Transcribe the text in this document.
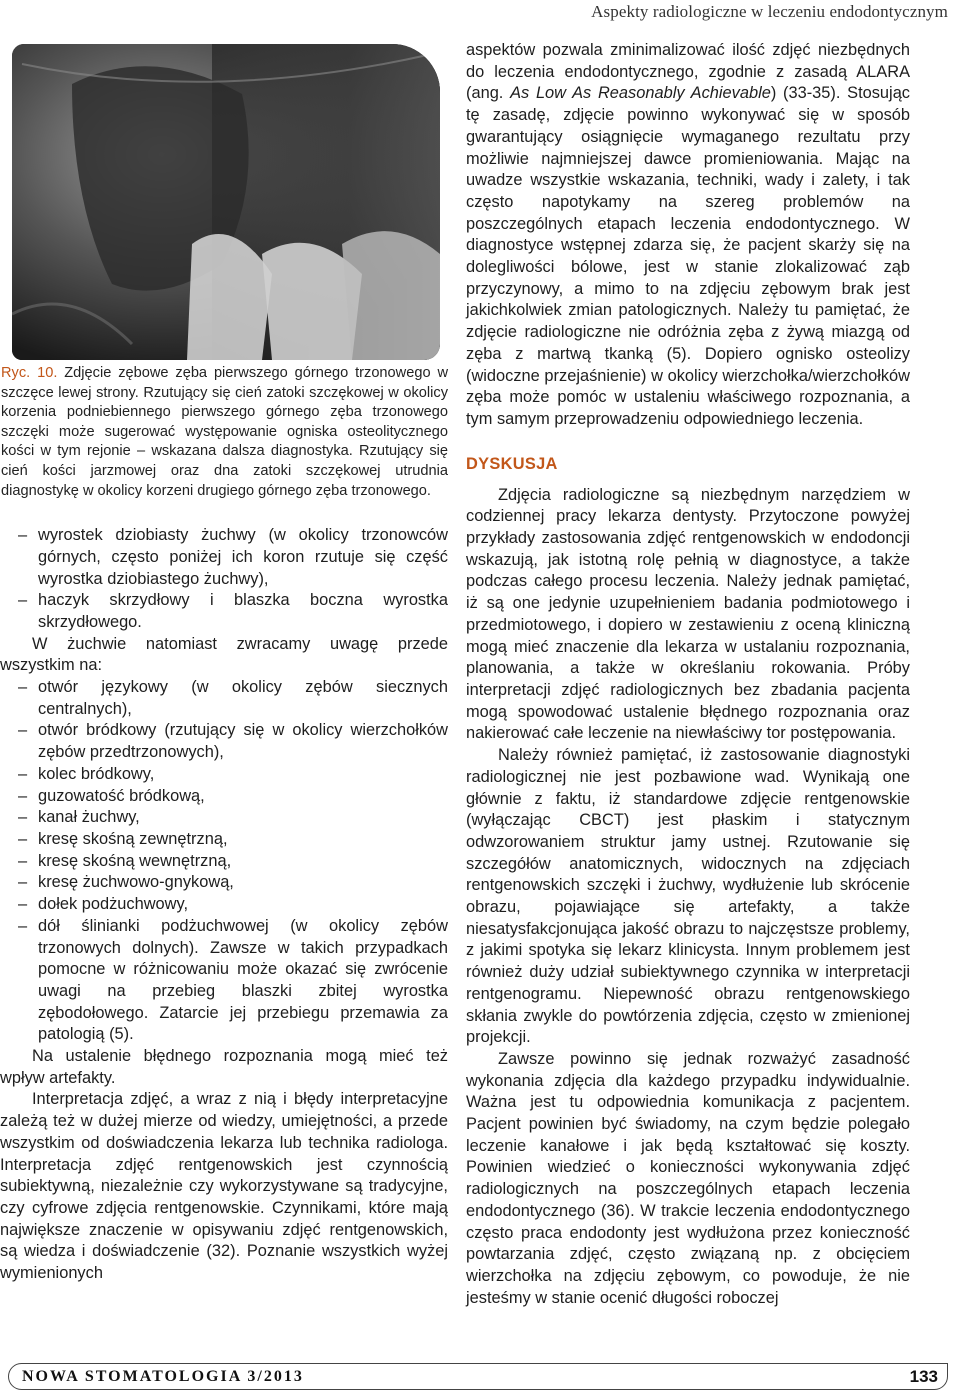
Aspekty radiologiczne w leczeniu endodontycznym

Ryc. 10. Zdjęcie zębowe zęba pierwszego górnego trzonowego w szczęce lewej strony. Rzutujący się cień zatoki szczękowej w okolicy korzenia podniebiennego pierwszego górnego zęba trzonowego szczęki może sugerować występowanie ogniska osteolitycznego kości w tym rejonie – wskazana dalsza diagnostyka. Rzutujący się cień kości jarzmowej oraz dna zatoki szczękowej utrudnia diagnostykę w okolicy korzeni drugiego górnego zęba trzonowego.

– wyrostek dziobiasty żuchwy (w okolicy trzonowców górnych, często poniżej ich koron rzutuje się część wyrostka dziobiastego żuchwy),
– haczyk skrzydłowy i blaszka boczna wyrostka skrzydłowego.

W żuchwie natomiast zwracamy uwagę przede wszystkim na:

– otwór językowy (w okolicy zębów siecznych centralnych),
– otwór bródkowy (rzutujący się w okolicy wierzchołków zębów przedtrzonowych),
– kolec bródkowy,
– guzowatość bródkową,
– kanał żuchwy,
– kresę skośną zewnętrzną,
– kresę skośną wewnętrzną,
– kresę żuchwowo-gnykową,
– dołek podżuchwowy,
– dół ślinianki podżuchwowej (w okolicy zębów trzonowych dolnych). Zawsze w takich przypadkach pomocne w różnicowaniu może okazać się zwrócenie uwagi na przebieg blaszki zbitej wyrostka zębodołowego. Zatarcie jej przebiegu przemawia za patologią (5).

Na ustalenie błędnego rozpoznania mogą mieć też wpływ artefakty.

Interpretacja zdjęć, a wraz z nią i błędy interpretacyjne zależą też w dużej mierze od wiedzy, umiejętności, a przede wszystkim od doświadczenia lekarza lub technika radiologa. Interpretacja zdjęć rentgenowskich jest czynnością subiektywną, niezależnie czy wykorzystywane są tradycyjne, czy cyfrowe zdjęcia rentgenowskie. Czynnikami, które mają największe znaczenie w opisywaniu zdjęć rentgenowskich, są wiedza i doświadczenie (32). Poznanie wszystkich wyżej wymienionych

aspektów pozwala zminimalizować ilość zdjęć niezbędnych do leczenia endodontycznego, zgodnie z zasadą ALARA (ang. As Low As Reasonably Achievable) (33-35). Stosując tę zasadę, zdjęcie powinno wykonywać się w sposób gwarantujący osiągnięcie wymaganego rezultatu przy możliwie najmniejszej dawce promieniowania. Mając na uwadze wszystkie wskazania, techniki, wady i zalety, i tak często napotykamy na szereg problemów na poszczególnych etapach leczenia endodontycznego. W diagnostyce wstępnej zdarza się, że pacjent skarży się na dolegliwości bólowe, jest w stanie zlokalizować ząb przyczynowy, a mimo to na zdjęciu zębowym brak jest jakichkolwiek zmian patologicznych. Należy tu pamiętać, że zdjęcie radiologiczne nie odróżnia zęba z żywą miazgą od zęba z martwą tkanką (5). Dopiero ognisko osteolizy (widoczne przejaśnienie) w okolicy wierzchołka/wierzchołków zęba może pomóc w ustaleniu właściwego rozpoznania, a tym samym przeprowadzeniu odpowiedniego leczenia.

DYSKUSJA

Zdjęcia radiologiczne są niezbędnym narzędziem w codziennej pracy lekarza dentysty. Przytoczone powyżej przykłady zastosowania zdjęć rentgenowskich w endodoncji wskazują, jak istotną rolę pełnią w diagnostyce, a także podczas całego procesu leczenia. Należy jednak pamiętać, iż są one jedynie uzupełnieniem badania podmiotowego i przedmiotowego, i dopiero w zestawieniu z oceną kliniczną mogą mieć znaczenie dla lekarza w ustalaniu rozpoznania, planowania, a także w określaniu rokowania. Próby interpretacji zdjęć radiologicznych bez zbadania pacjenta mogą spowodować ustalenie błędnego rozpoznania oraz nakierować całe leczenie na niewłaściwy tor postępowania.

Należy również pamiętać, iż zastosowanie diagnostyki radiologicznej nie jest pozbawione wad. Wynikają one głównie z faktu, iż standardowe zdjęcie rentgenowskie (wyłączając CBCT) jest płaskim i statycznym odwzorowaniem struktur jamy ustnej. Rzutowanie się szczegółów anatomicznych, widocznych na zdjęciach rentgenowskich szczęki i żuchwy, wydłużenie lub skrócenie obrazu, pojawiające się artefakty, a także niesatysfakcjonująca jakość obrazu to najczęstsze problemy, z jakimi spotyka się lekarz klinicysta. Innym problemem jest również duży udział subiektywnego czynnika w interpretacji rentgenogramu. Niepewność obrazu rentgenowskiego skłania zwykle do powtórzenia zdjęcia, często w zmienionej projekcji.

Zawsze powinno się jednak rozważyć zasadność wykonania zdjęcia dla każdego przypadku indywidualnie. Ważna jest tu odpowiednia komunikacja z pacjentem. Pacjent powinien być świadomy, na czym będzie polegało leczenie kanałowe i jak będą kształtować się koszty. Powinien wiedzieć o konieczności wykonywania zdjęć radiologicznych na poszczególnych etapach leczenia endodontycznego (36). W trakcie leczenia endodontycznego często praca endodonty jest wydłużona przez konieczność powtarzania zdjęć, często związaną np. z obcięciem wierzchołka na zdjęciu zębowym, co powoduje, że nie jesteśmy w stanie ocenić długości roboczej

NOWA STOMATOLOGIA 3/2013	133
